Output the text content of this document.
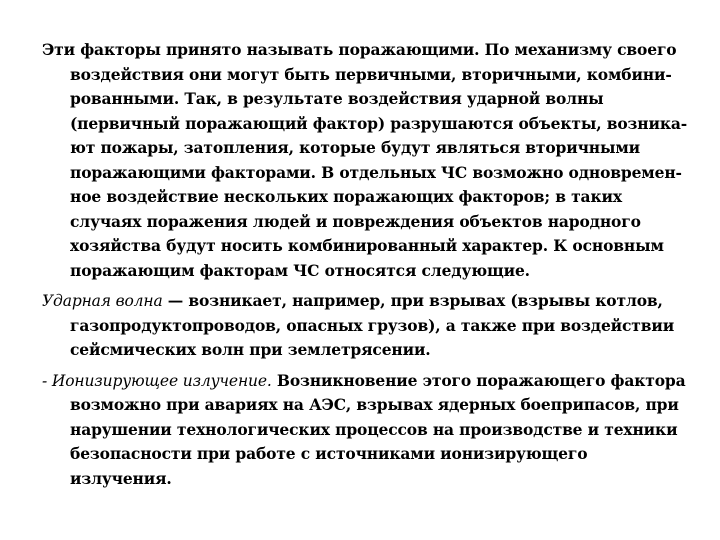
Эти факторы принято называть поражающими. По механизму своего воздействия они могут быть первичными, вторичными, комбини-рованными. Так, в результате воздействия ударной волны (первичный поражающий фактор) разрушаются объекты, возника-ют пожары, затопления, которые будут являться вторичными поражающими факторами. В отдельных ЧС возможно одновремен-ное воздействие нескольких поражающих факторов; в таких случаях поражения людей и повреждения объектов народного хозяйства будут носить комбинированный характер. К основным поражающим факторам ЧС относятся следующие.

Ударная волна — возникает, например, при взрывах (взрывы котлов, газопродуктопроводов, опасных грузов), а также при воздействии сейсмических волн при землетрясении.

- Ионизирующее излучение. Возникновение этого поражающего фактора возможно при авариях на АЭС, взрывах ядерных боеприпасов, при нарушении технологических процессов на производстве и техники безопасности при работе с источниками ионизирующего излучения.
